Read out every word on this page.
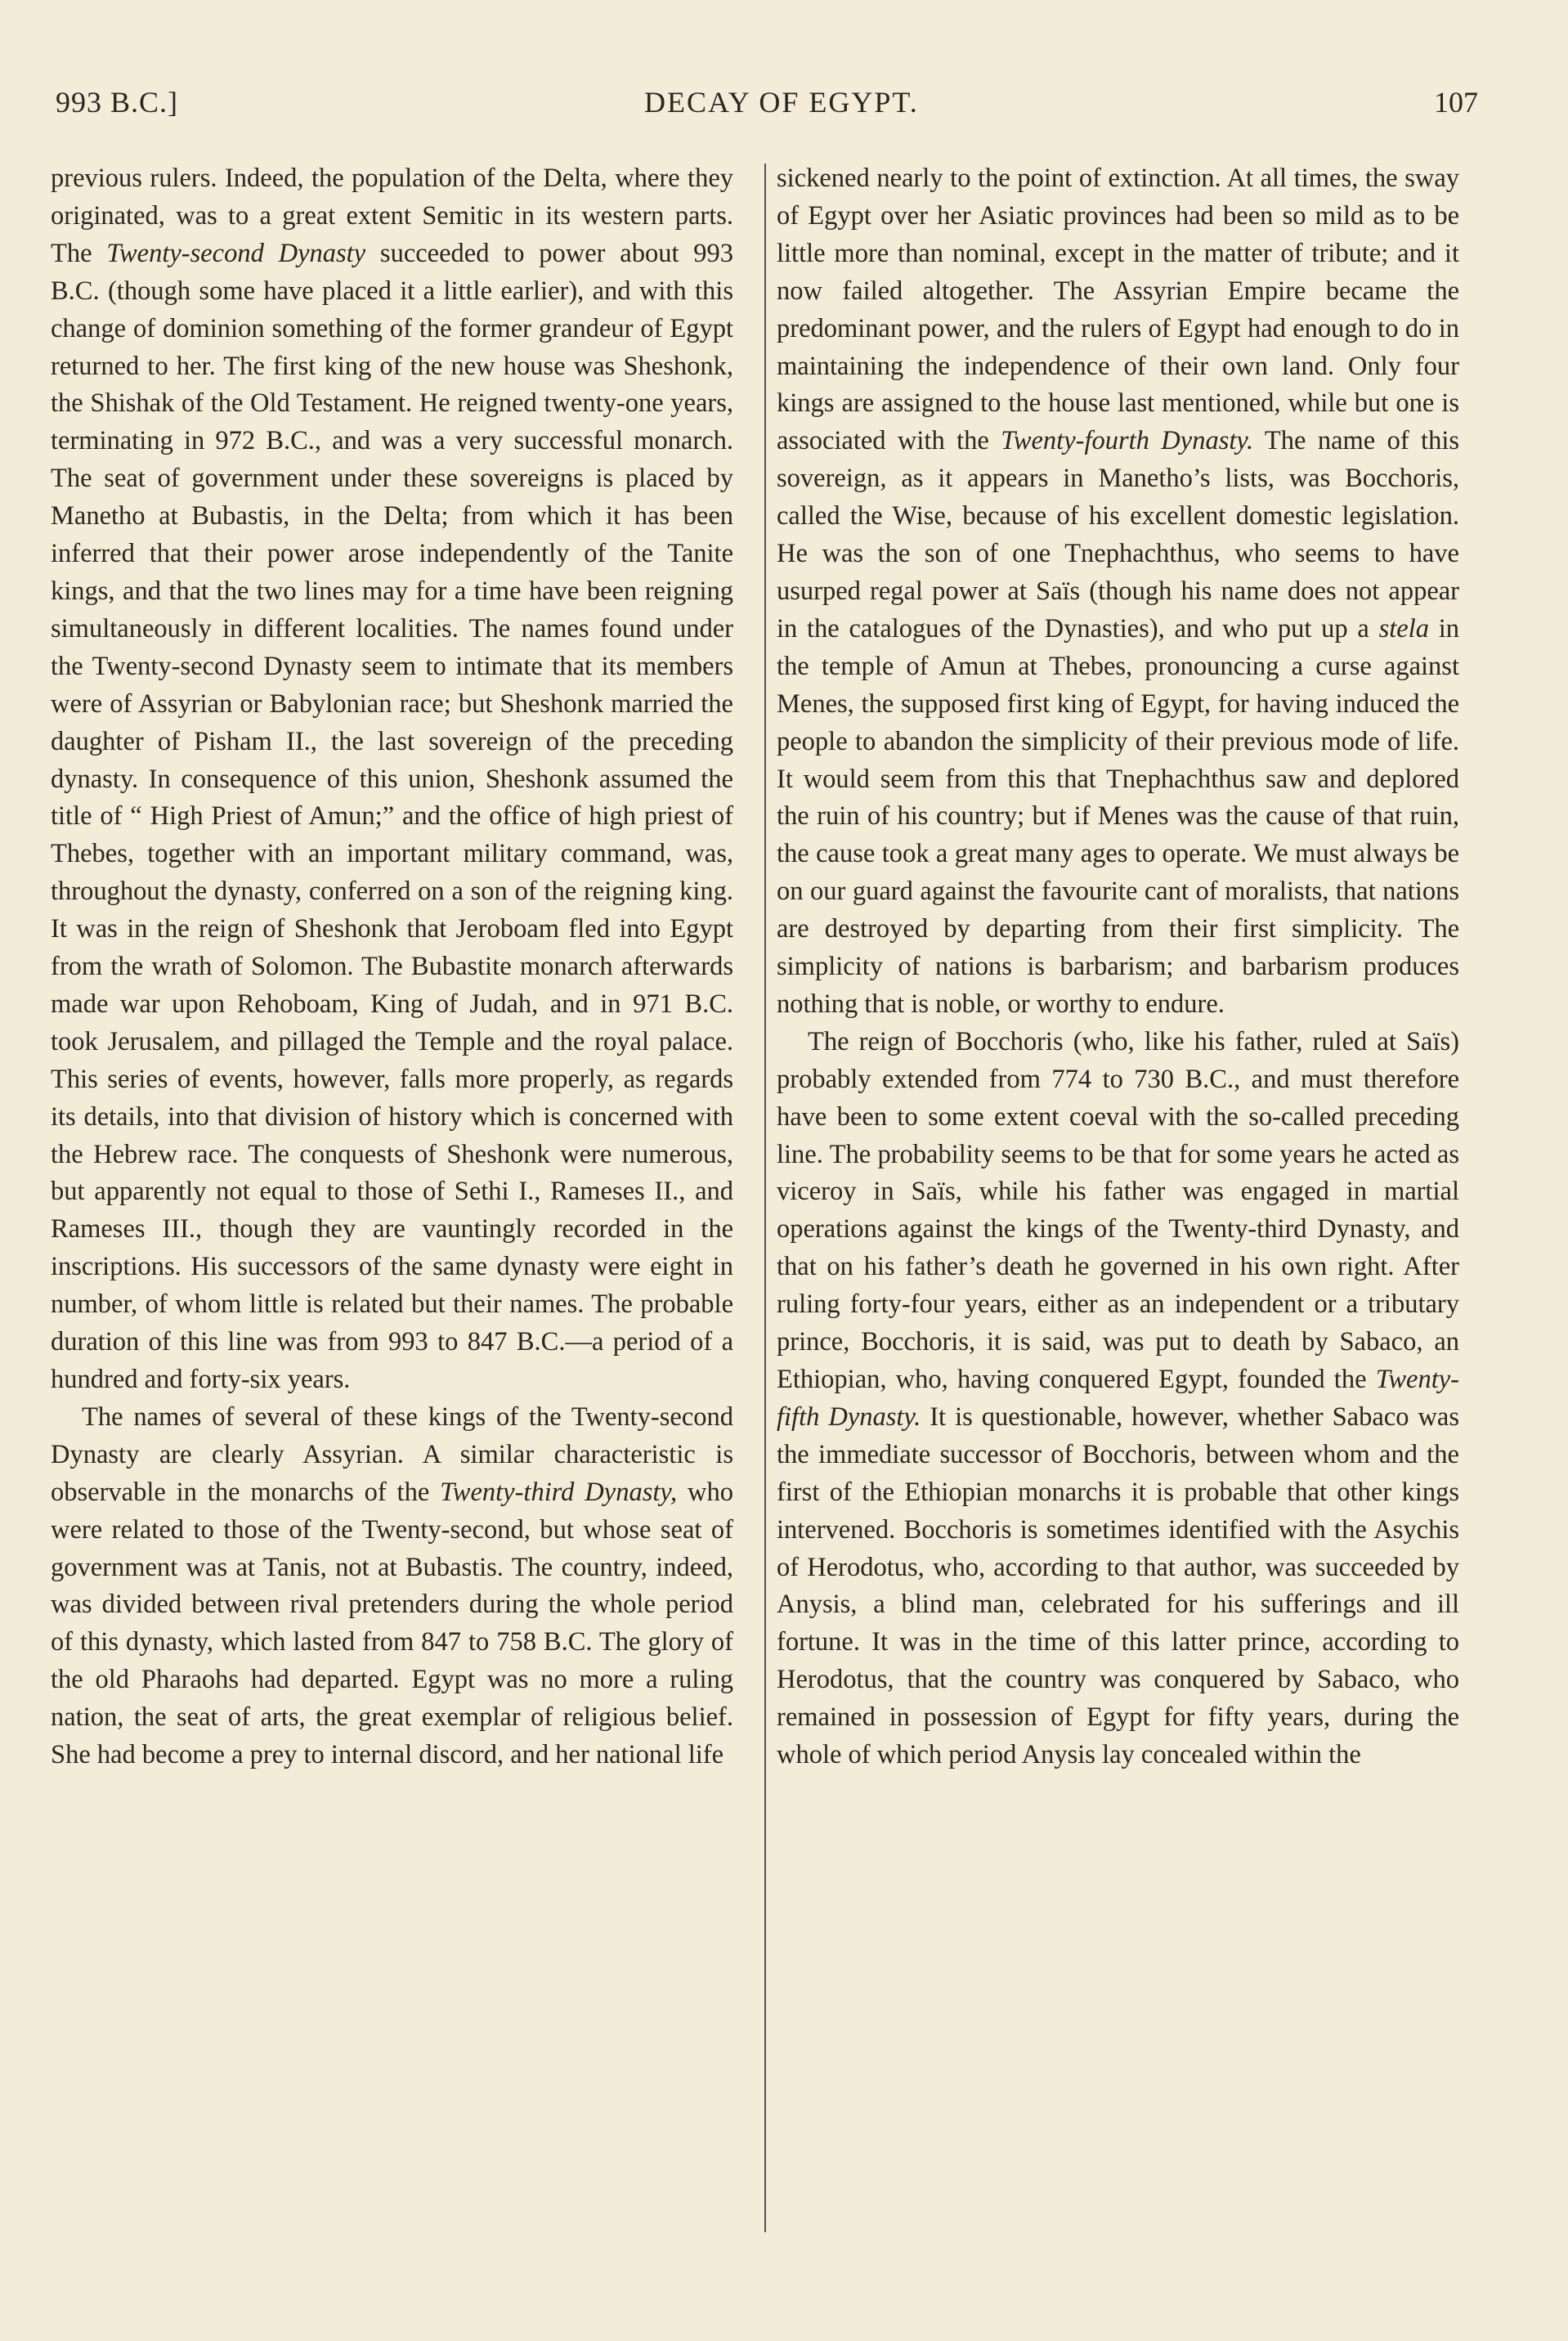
993 B.C.]	DECAY OF EGYPT.	107

previous rulers. Indeed, the population of the Delta, where they originated, was to a great extent Semitic in its western parts. The Twenty-second Dynasty succeeded to power about 993 B.C. (though some have placed it a little earlier), and with this change of dominion something of the former grandeur of Egypt returned to her. The first king of the new house was Sheshonk, the Shishak of the Old Testament. He reigned twenty-one years, terminating in 972 B.C., and was a very successful monarch. The seat of government under these sovereigns is placed by Manetho at Bubastis, in the Delta; from which it has been inferred that their power arose independently of the Tanite kings, and that the two lines may for a time have been reigning simultaneously in different localities. The names found under the Twenty-second Dynasty seem to intimate that its members were of Assyrian or Babylonian race; but Sheshonk married the daughter of Pisham II., the last sovereign of the preceding dynasty. In consequence of this union, Sheshonk assumed the title of “ High Priest of Amun;” and the office of high priest of Thebes, together with an important military command, was, throughout the dynasty, conferred on a son of the reigning king. It was in the reign of Sheshonk that Jeroboam fled into Egypt from the wrath of Solomon. The Bubastite monarch afterwards made war upon Rehoboam, King of Judah, and in 971 B.C. took Jerusalem, and pillaged the Temple and the royal palace. This series of events, however, falls more properly, as regards its details, into that division of history which is concerned with the Hebrew race. The conquests of Sheshonk were numerous, but apparently not equal to those of Sethi I., Rameses II., and Rameses III., though they are vauntingly recorded in the inscriptions. His successors of the same dynasty were eight in number, of whom little is related but their names. The probable duration of this line was from 993 to 847 B.C.—a period of a hundred and forty-six years.

The names of several of these kings of the Twenty-second Dynasty are clearly Assyrian. A similar characteristic is observable in the monarchs of the Twenty-third Dynasty, who were related to those of the Twenty-second, but whose seat of government was at Tanis, not at Bubastis. The country, indeed, was divided between rival pretenders during the whole period of this dynasty, which lasted from 847 to 758 B.C. The glory of the old Pharaohs had departed. Egypt was no more a ruling nation, the seat of arts, the great exemplar of religious belief. She had become a prey to internal discord, and her national life

sickened nearly to the point of extinction. At all times, the sway of Egypt over her Asiatic provinces had been so mild as to be little more than nominal, except in the matter of tribute; and it now failed altogether. The Assyrian Empire became the predominant power, and the rulers of Egypt had enough to do in maintaining the independence of their own land. Only four kings are assigned to the house last mentioned, while but one is associated with the Twenty-fourth Dynasty. The name of this sovereign, as it appears in Manetho’s lists, was Bocchoris, called the Wise, because of his excellent domestic legislation. He was the son of one Tnephachthus, who seems to have usurped regal power at Saïs (though his name does not appear in the catalogues of the Dynasties), and who put up a stela in the temple of Amun at Thebes, pronouncing a curse against Menes, the supposed first king of Egypt, for having induced the people to abandon the simplicity of their previous mode of life. It would seem from this that Tnephachthus saw and deplored the ruin of his country; but if Menes was the cause of that ruin, the cause took a great many ages to operate. We must always be on our guard against the favourite cant of moralists, that nations are destroyed by departing from their first simplicity. The simplicity of nations is barbarism; and barbarism produces nothing that is noble, or worthy to endure.

The reign of Bocchoris (who, like his father, ruled at Saïs) probably extended from 774 to 730 B.C., and must therefore have been to some extent coeval with the so-called preceding line. The probability seems to be that for some years he acted as viceroy in Saïs, while his father was engaged in martial operations against the kings of the Twenty-third Dynasty, and that on his father’s death he governed in his own right. After ruling forty-four years, either as an independent or a tributary prince, Bocchoris, it is said, was put to death by Sabaco, an Ethiopian, who, having conquered Egypt, founded the Twenty-fifth Dynasty. It is questionable, however, whether Sabaco was the immediate successor of Bocchoris, between whom and the first of the Ethiopian monarchs it is probable that other kings intervened. Bocchoris is sometimes identified with the Asychis of Herodotus, who, according to that author, was succeeded by Anysis, a blind man, celebrated for his sufferings and ill fortune. It was in the time of this latter prince, according to Herodotus, that the country was conquered by Sabaco, who remained in possession of Egypt for fifty years, during the whole of which period Anysis lay concealed within the
